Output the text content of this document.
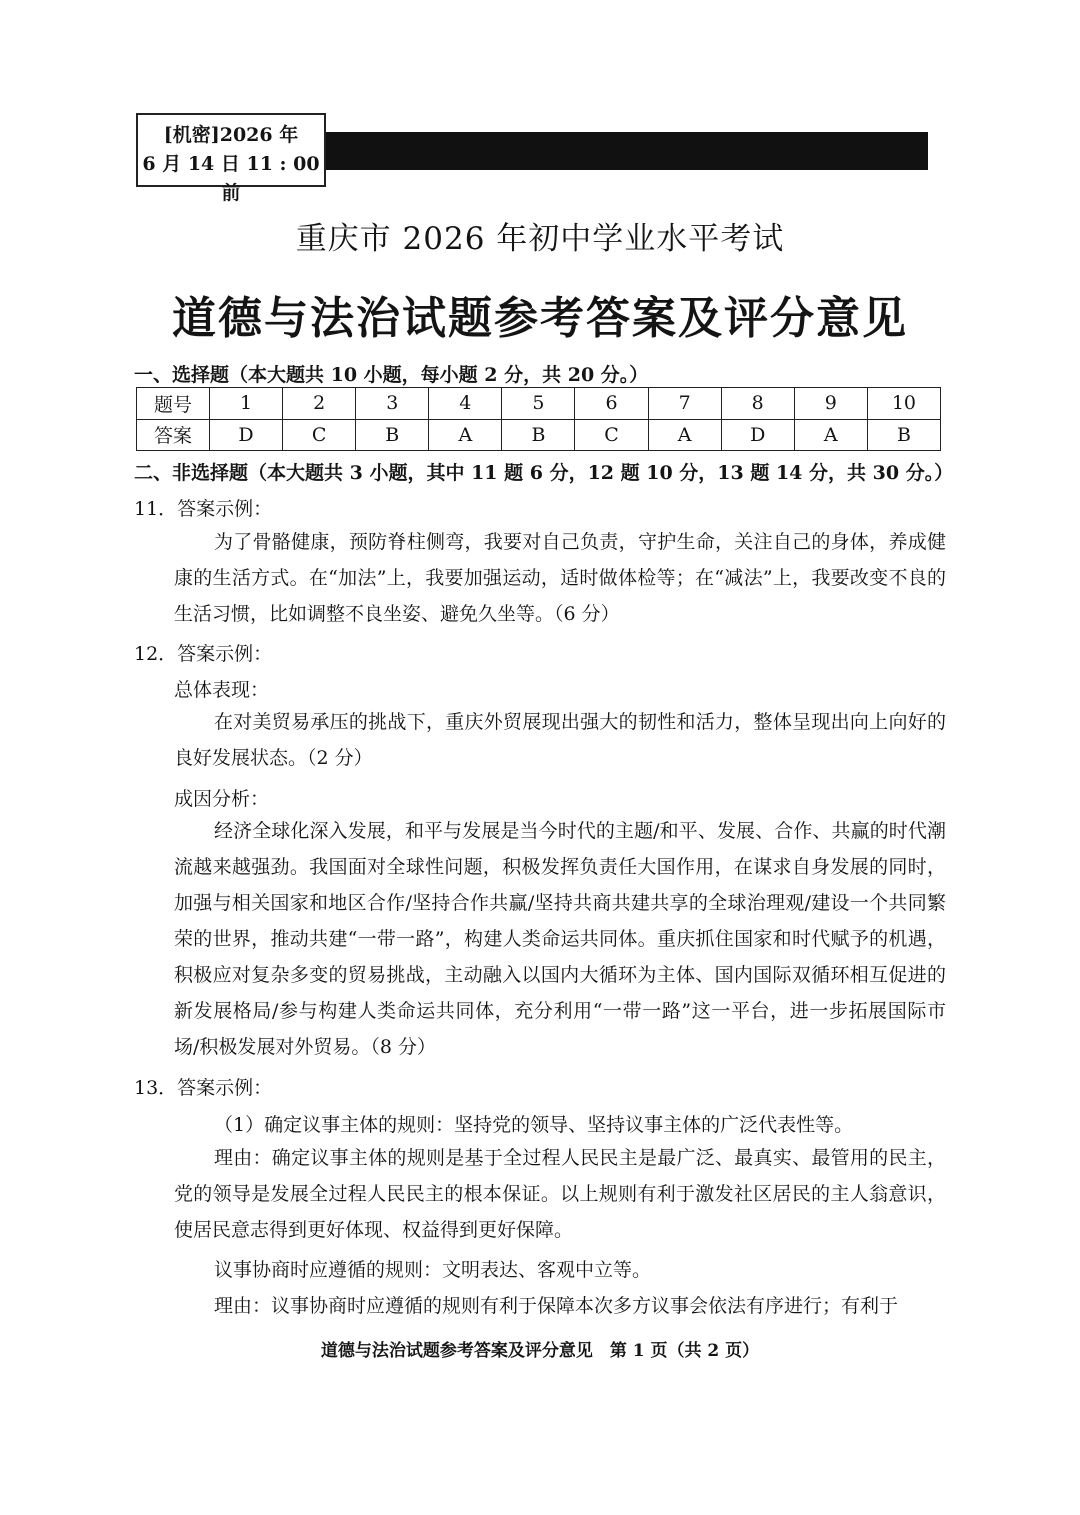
[机密]2026 年
6 月 14 日 11 : 00 前
重庆市 2026 年初中学业水平考试
道德与法治试题参考答案及评分意见
一、选择题（本大题共 10 小题，每小题 2 分，共 20 分。）
题号	1	2	3	4	5	6	7	8	9	10
答案	D	C	B	A	B	C	A	D	A	B
二、非选择题（本大题共 3 小题，其中 11 题 6 分，12 题 10 分，13 题 14 分，共 30 分。）
11．答案示例：

为了骨骼健康，预防脊柱侧弯，我要对自己负责，守护生命，关注自己的身体，养成健康的生活方式。在“加法”上，我要加强运动，适时做体检等；在“减法”上，我要改变不良的生活习惯，比如调整不良坐姿、避免久坐等。（6 分）

12．答案示例：
总体表现：

在对美贸易承压的挑战下，重庆外贸展现出强大的韧性和活力，整体呈现出向上向好的良好发展状态。（2 分）

成因分析：

经济全球化深入发展，和平与发展是当今时代的主题/和平、发展、合作、共赢的时代潮流越来越强劲。我国面对全球性问题，积极发挥负责任大国作用，在谋求自身发展的同时，加强与相关国家和地区合作/坚持合作共赢/坚持共商共建共享的全球治理观/建设一个共同繁荣的世界，推动共建“一带一路”，构建人类命运共同体。重庆抓住国家和时代赋予的机遇，积极应对复杂多变的贸易挑战，主动融入以国内大循环为主体、国内国际双循环相互促进的新发展格局/参与构建人类命运共同体，充分利用“一带一路”这一平台，进一步拓展国际市场/积极发展对外贸易。（8 分）

13．答案示例：
（1）确定议事主体的规则：坚持党的领导、坚持议事主体的广泛代表性等。

理由：确定议事主体的规则是基于全过程人民民主是最广泛、最真实、最管用的民主，党的领导是发展全过程人民民主的根本保证。以上规则有利于激发社区居民的主人翁意识，使居民意志得到更好体现、权益得到更好保障。

议事协商时应遵循的规则：文明表达、客观中立等。
理由：议事协商时应遵循的规则有利于保障本次多方议事会依法有序进行；有利于
道德与法治试题参考答案及评分意见　第 1 页（共 2 页）
